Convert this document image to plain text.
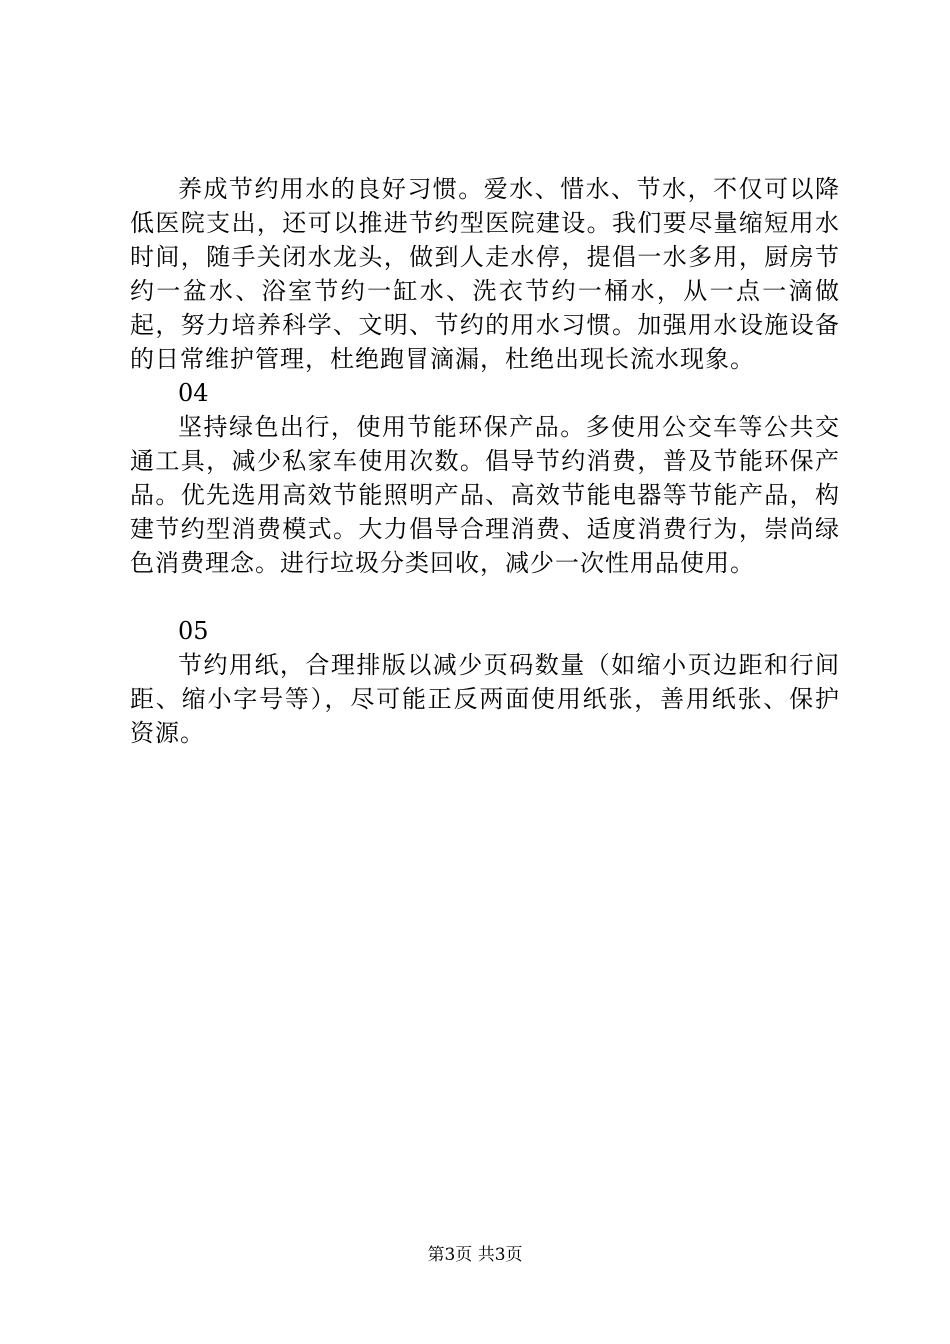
养成节约用水的良好习惯。爱水、惜水、节水，不仅可以降低医院支出，还可以推进节约型医院建设。我们要尽量缩短用水时间，随手关闭水龙头，做到人走水停，提倡一水多用，厨房节约一盆水、浴室节约一缸水、洗衣节约一桶水，从一点一滴做起，努力培养科学、文明、节约的用水习惯。加强用水设施设备的日常维护管理，杜绝跑冒滴漏，杜绝出现长流水现象。

04

坚持绿色出行，使用节能环保产品。多使用公交车等公共交通工具，减少私家车使用次数。倡导节约消费，普及节能环保产品。优先选用高效节能照明产品、高效节能电器等节能产品，构建节约型消费模式。大力倡导合理消费、适度消费行为，崇尚绿色消费理念。进行垃圾分类回收，减少一次性用品使用。

05

节约用纸，合理排版以减少页码数量（如缩小页边距和行间距、缩小字号等），尽可能正反两面使用纸张，善用纸张、保护资源。

第3页 共3页
